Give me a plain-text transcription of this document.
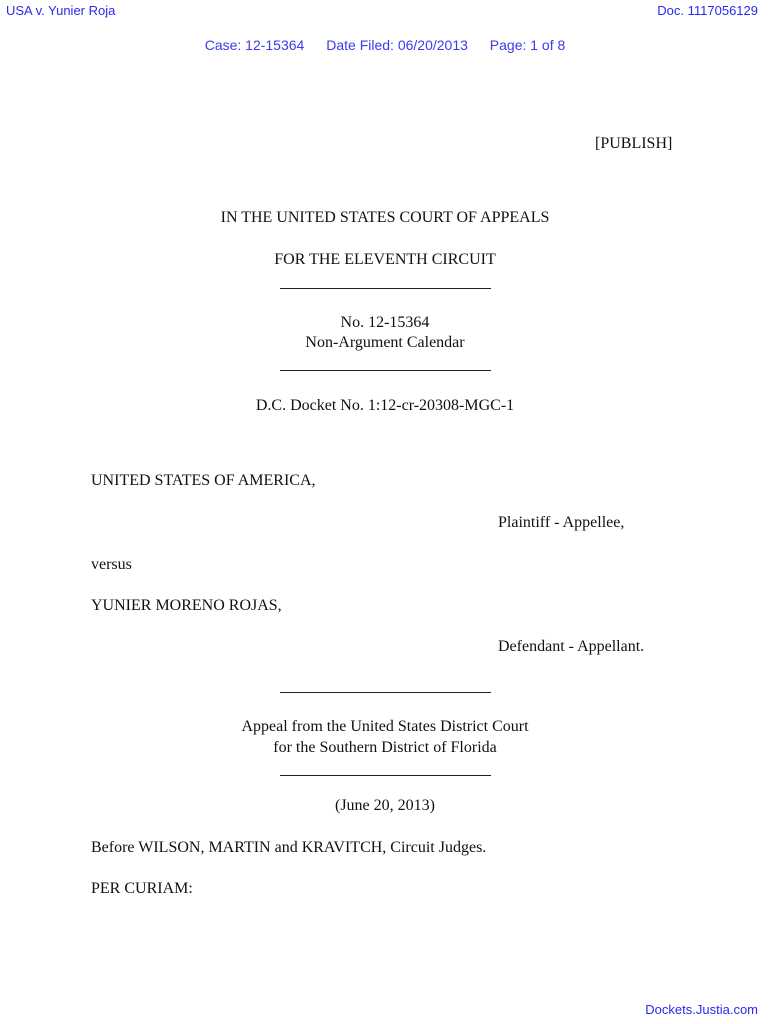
USA v. Yunier Roja	Doc. 1117056129
Case: 12-15364 Date Filed: 06/20/2013 Page: 1 of 8
[PUBLISH]
IN THE UNITED STATES COURT OF APPEALS
FOR THE ELEVENTH CIRCUIT
No. 12-15364
Non-Argument Calendar
D.C. Docket No. 1:12-cr-20308-MGC-1
UNITED STATES OF AMERICA,
Plaintiff - Appellee,
versus
YUNIER MORENO ROJAS,
Defendant - Appellant.
Appeal from the United States District Court
for the Southern District of Florida
(June 20, 2013)
Before WILSON, MARTIN and KRAVITCH, Circuit Judges.
PER CURIAM:
Dockets.Justia.com
